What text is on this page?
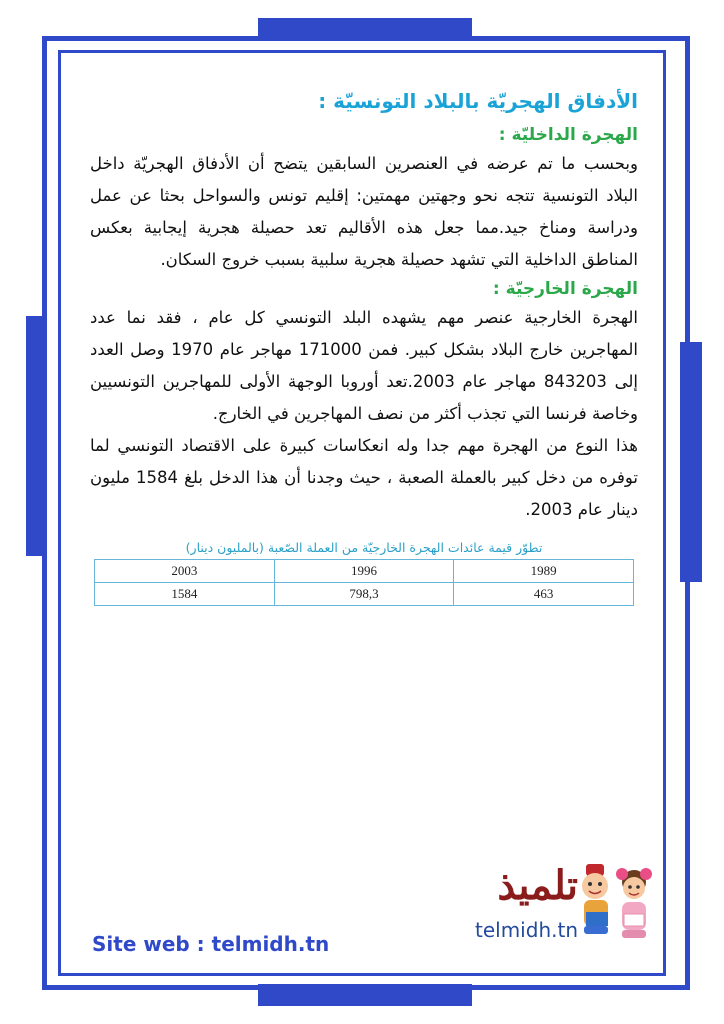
الأدفاق الهجريّة بالبلاد التونسيّة :
الهجرة الداخليّة :

وبحسب ما تم عرضه في العنصرين السابقين يتضح أن الأدفاق الهجريّة داخل البلاد التونسية تتجه نحو وجهتين مهمتين: إقليم تونس والسواحل بحثا عن عمل ودراسة ومناخ جيد.مما جعل هذه الأقاليم تعد حصيلة هجرية إيجابية بعكس المناطق الداخلية التي تشهد حصيلة هجرية سلبية بسبب خروج السكان.

الهجرة الخارجيّة :

الهجرة الخارجية عنصر مهم يشهده البلد التونسي كل عام ، فقد نما عدد المهاجرين خارج البلاد بشكل كبير. فمن 171000 مهاجر عام 1970 وصل العدد إلى 843203 مهاجر عام 2003.تعد أوروبا الوجهة الأولى للمهاجرين التونسيين وخاصة فرنسا التي تجذب أكثر من نصف المهاجرين في الخارج.

هذا النوع من الهجرة مهم جدا وله انعكاسات كبيرة على الاقتصاد التونسي لما توفره من دخل كبير بالعملة الصعبة ، حيث وجدنا أن هذا الدخل بلغ 1584 مليون دينار عام 2003.

تطوّر قيمة عائدات الهجرة الخارجيّة من العملة الصّعبة (بالمليون دينار)
1989	1996	2003
463	798,3	1584
Site web : telmidh.tn
تلميذ
telmidh.tn
